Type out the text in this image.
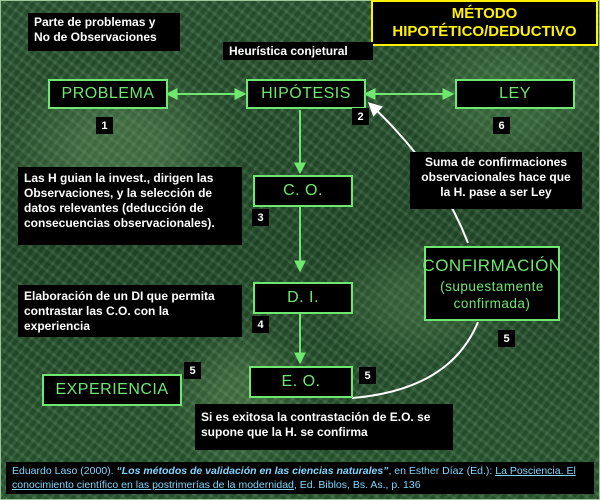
MÉTODO
HIPOTÉTICO/DEDUCTIVO
Parte de problemas y No de Observaciones
Heurística conjetural
Las H guian la invest., dirigen las Observaciones, y la selección de datos relevantes (deducción de consecuencias observacionales).
Elaboración de un DI que permita contrastar las C.O. con la experiencia
Suma de confirmaciones observacionales hace que la H. pase a ser Ley
Si es exitosa la contrastación de E.O. se supone que la H. se confirma
PROBLEMA
1
HIPÓTESIS
2
LEY
6
C. O.
3
D. I.
4
E. O.	5
EXPERIENCIA
5
CONFIRMACIÓN
(supuestamente confirmada)
5
Eduardo Laso (2000). “Los métodos de validación en las ciencias naturales”, en Esther Díaz (Ed.): La Posciencia. El conocimiento científico en las postrimerías de la modernidad, Ed. Biblos, Bs. As., p. 136
